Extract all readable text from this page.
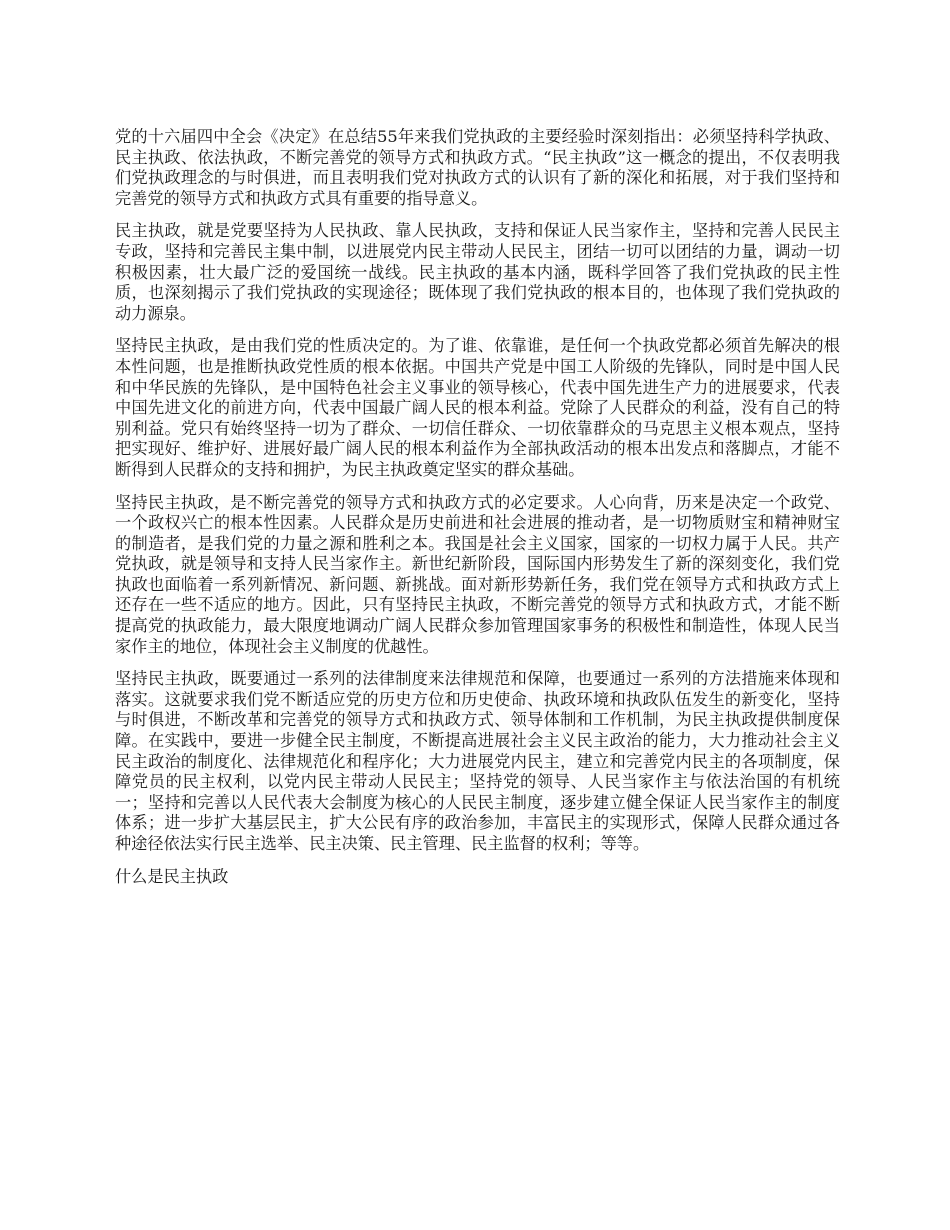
党的十六届四中全会《决定》在总结55年来我们党执政的主要经验时深刻指出：必须坚持科学执政、民主执政、依法执政，不断完善党的领导方式和执政方式。“民主执政”这一概念的提出，不仅表明我们党执政理念的与时俱进，而且表明我们党对执政方式的认识有了新的深化和拓展，对于我们坚持和完善党的领导方式和执政方式具有重要的指导意义。

民主执政，就是党要坚持为人民执政、靠人民执政，支持和保证人民当家作主，坚持和完善人民民主专政，坚持和完善民主集中制，以进展党内民主带动人民民主，团结一切可以团结的力量，调动一切积极因素，壮大最广泛的爱国统一战线。民主执政的基本内涵，既科学回答了我们党执政的民主性质，也深刻揭示了我们党执政的实现途径；既体现了我们党执政的根本目的，也体现了我们党执政的动力源泉。

坚持民主执政，是由我们党的性质决定的。为了谁、依靠谁，是任何一个执政党都必须首先解决的根本性问题，也是推断执政党性质的根本依据。中国共产党是中国工人阶级的先锋队，同时是中国人民和中华民族的先锋队，是中国特色社会主义事业的领导核心，代表中国先进生产力的进展要求，代表中国先进文化的前进方向，代表中国最广阔人民的根本利益。党除了人民群众的利益，没有自己的特别利益。党只有始终坚持一切为了群众、一切信任群众、一切依靠群众的马克思主义根本观点，坚持把实现好、维护好、进展好最广阔人民的根本利益作为全部执政活动的根本出发点和落脚点，才能不断得到人民群众的支持和拥护，为民主执政奠定坚实的群众基础。

坚持民主执政，是不断完善党的领导方式和执政方式的必定要求。人心向背，历来是决定一个政党、一个政权兴亡的根本性因素。人民群众是历史前进和社会进展的推动者，是一切物质财宝和精神财宝的制造者，是我们党的力量之源和胜利之本。我国是社会主义国家，国家的一切权力属于人民。共产党执政，就是领导和支持人民当家作主。新世纪新阶段，国际国内形势发生了新的深刻变化，我们党执政也面临着一系列新情况、新问题、新挑战。面对新形势新任务，我们党在领导方式和执政方式上还存在一些不适应的地方。因此，只有坚持民主执政，不断完善党的领导方式和执政方式，才能不断提高党的执政能力，最大限度地调动广阔人民群众参加管理国家事务的积极性和制造性，体现人民当家作主的地位，体现社会主义制度的优越性。

坚持民主执政，既要通过一系列的法律制度来法律规范和保障，也要通过一系列的方法措施来体现和落实。这就要求我们党不断适应党的历史方位和历史使命、执政环境和执政队伍发生的新变化，坚持与时俱进，不断改革和完善党的领导方式和执政方式、领导体制和工作机制，为民主执政提供制度保障。在实践中，要进一步健全民主制度，不断提高进展社会主义民主政治的能力，大力推动社会主义民主政治的制度化、法律规范化和程序化；大力进展党内民主，建立和完善党内民主的各项制度，保障党员的民主权利，以党内民主带动人民民主；坚持党的领导、人民当家作主与依法治国的有机统一；坚持和完善以人民代表大会制度为核心的人民民主制度，逐步建立健全保证人民当家作主的制度体系；进一步扩大基层民主，扩大公民有序的政治参加，丰富民主的实现形式，保障人民群众通过各种途径依法实行民主选举、民主决策、民主管理、民主监督的权利；等等。

什么是民主执政
